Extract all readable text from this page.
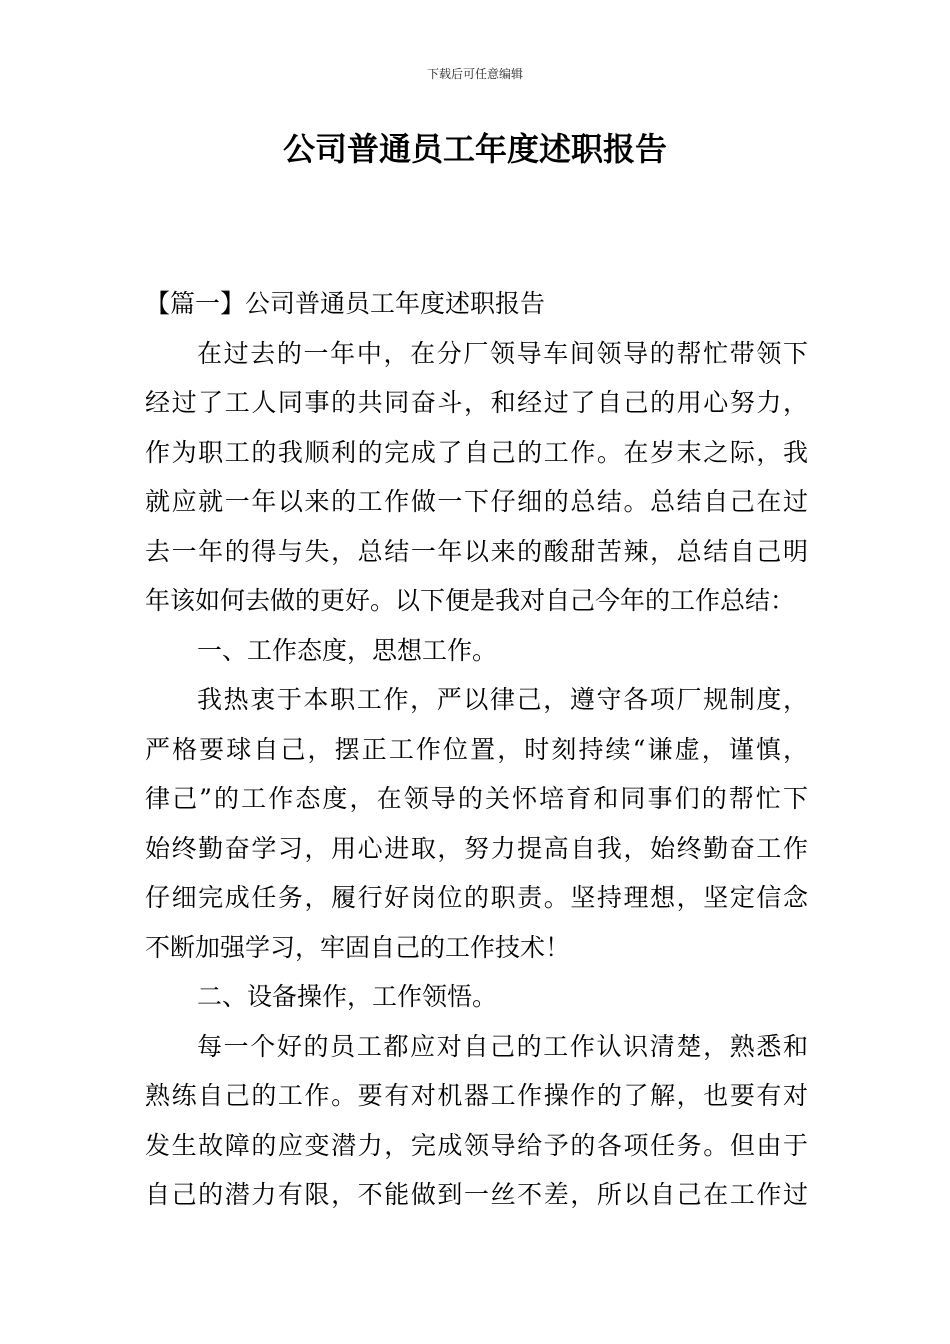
下载后可任意编辑
公司普通员工年度述职报告
【篇一】公司普通员工年度述职报告
在过去的一年中，在分厂领导车间领导的帮忙带领下
经过了工人同事的共同奋斗，和经过了自己的用心努力，
作为职工的我顺利的完成了自己的工作。在岁末之际，我
就应就一年以来的工作做一下仔细的总结。总结自己在过
去一年的得与失，总结一年以来的酸甜苦辣，总结自己明
年该如何去做的更好。以下便是我对自己今年的工作总结：
一、工作态度，思想工作。
我热衷于本职工作，严以律己，遵守各项厂规制度，
严格要球自己，摆正工作位置，时刻持续“谦虚，谨慎，
律己”的工作态度，在领导的关怀培育和同事们的帮忙下
始终勤奋学习，用心进取，努力提高自我，始终勤奋工作
仔细完成任务，履行好岗位的职责。坚持理想，坚定信念
不断加强学习，牢固自己的工作技术！
二、设备操作，工作领悟。
每一个好的员工都应对自己的工作认识清楚，熟悉和
熟练自己的工作。要有对机器工作操作的了解，也要有对
发生故障的应变潜力，完成领导给予的各项任务。但由于
自己的潜力有限，不能做到一丝不差，所以自己在工作过
